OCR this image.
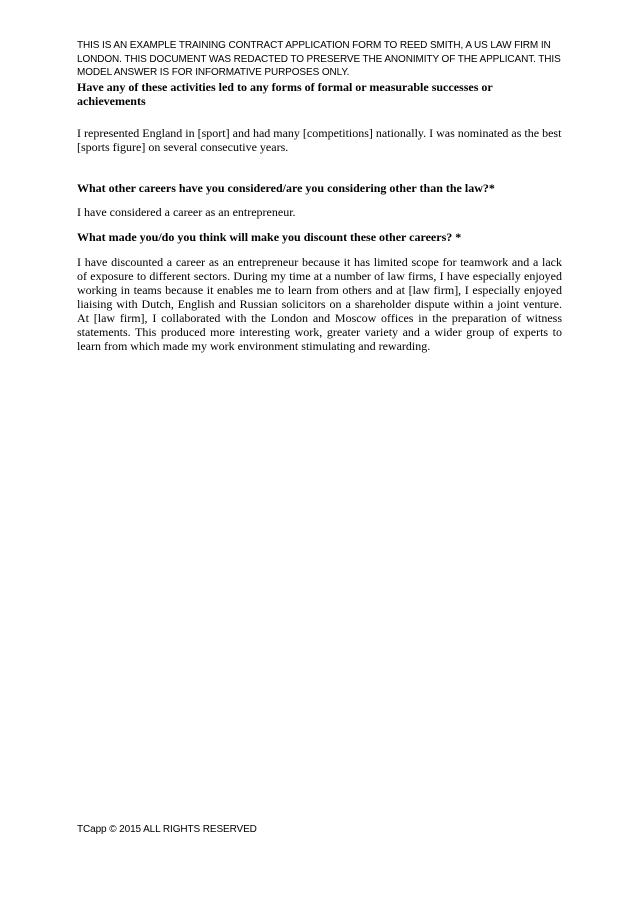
THIS IS AN EXAMPLE TRAINING CONTRACT APPLICATION FORM TO REED SMITH, A US LAW FIRM IN LONDON. THIS DOCUMENT WAS REDACTED TO PRESERVE THE ANONIMITY OF THE APPLICANT. THIS MODEL ANSWER IS FOR INFORMATIVE PURPOSES ONLY.

Have any of these activities led to any forms of formal or measurable successes or achievements

I represented England in [sport] and had many [competitions] nationally. I was nominated as the best [sports figure] on several consecutive years.

What other careers have you considered/are you considering other than the law?*

I have considered a career as an entrepreneur.

What made you/do you think will make you discount these other careers? *

I have discounted a career as an entrepreneur because it has limited scope for teamwork and a lack of exposure to different sectors. During my time at a number of law firms, I have especially enjoyed working in teams because it enables me to learn from others and at [law firm], I especially enjoyed liaising with Dutch, English and Russian solicitors on a shareholder dispute within a joint venture. At [law firm], I collaborated with the London and Moscow offices in the preparation of witness statements. This produced more interesting work, greater variety and a wider group of experts to learn from which made my work environment stimulating and rewarding.

TCapp © 2015 ALL RIGHTS RESERVED
